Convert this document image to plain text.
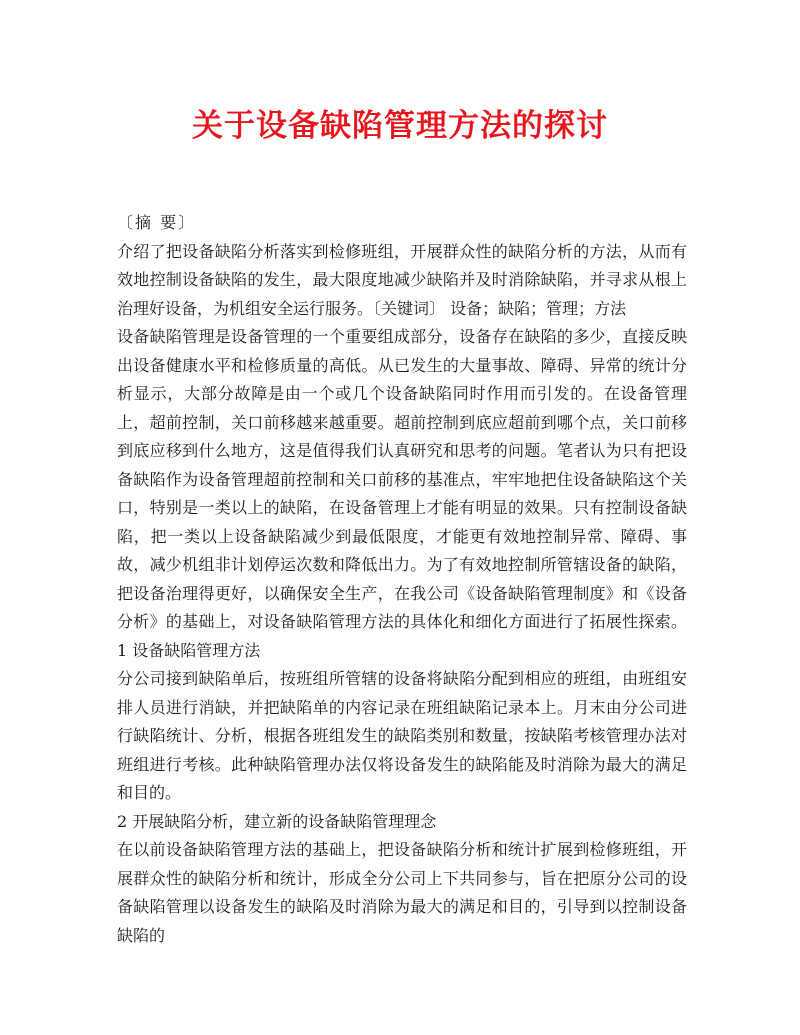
关于设备缺陷管理方法的探讨

〔摘 要〕

介绍了把设备缺陷分析落实到检修班组，开展群众性的缺陷分析的方法，从而有效地控制设备缺陷的发生，最大限度地减少缺陷并及时消除缺陷，并寻求从根上治理好设备，为机组安全运行服务。〔关键词〕 设备；缺陷；管理；方法

设备缺陷管理是设备管理的一个重要组成部分，设备存在缺陷的多少，直接反映出设备健康水平和检修质量的高低。从已发生的大量事故、障碍、异常的统计分析显示，大部分故障是由一个或几个设备缺陷同时作用而引发的。在设备管理上，超前控制，关口前移越来越重要。超前控制到底应超前到哪个点，关口前移到底应移到什么地方，这是值得我们认真研究和思考的问题。笔者认为只有把设备缺陷作为设备管理超前控制和关口前移的基准点，牢牢地把住设备缺陷这个关口，特别是一类以上的缺陷，在设备管理上才能有明显的效果。只有控制设备缺陷，把一类以上设备缺陷减少到最低限度，才能更有效地控制异常、障碍、事故，减少机组非计划停运次数和降低出力。为了有效地控制所管辖设备的缺陷，把设备治理得更好，以确保安全生产，在我公司《设备缺陷管理制度》和《设备分析》的基础上，对设备缺陷管理方法的具体化和细化方面进行了拓展性探索。 1 设备缺陷管理方法

分公司接到缺陷单后，按班组所管辖的设备将缺陷分配到相应的班组，由班组安排人员进行消缺，并把缺陷单的内容记录在班组缺陷记录本上。月末由分公司进行缺陷统计、分析，根据各班组发生的缺陷类别和数量，按缺陷考核管理办法对班组进行考核。此种缺陷管理办法仅将设备发生的缺陷能及时消除为最大的满足和目的。

2 开展缺陷分析，建立新的设备缺陷管理理念

在以前设备缺陷管理方法的基础上，把设备缺陷分析和统计扩展到检修班组，开展群众性的缺陷分析和统计，形成全分公司上下共同参与，旨在把原分公司的设备缺陷管理以设备发生的缺陷及时消除为最大的满足和目的，引导到以控制设备缺陷的
